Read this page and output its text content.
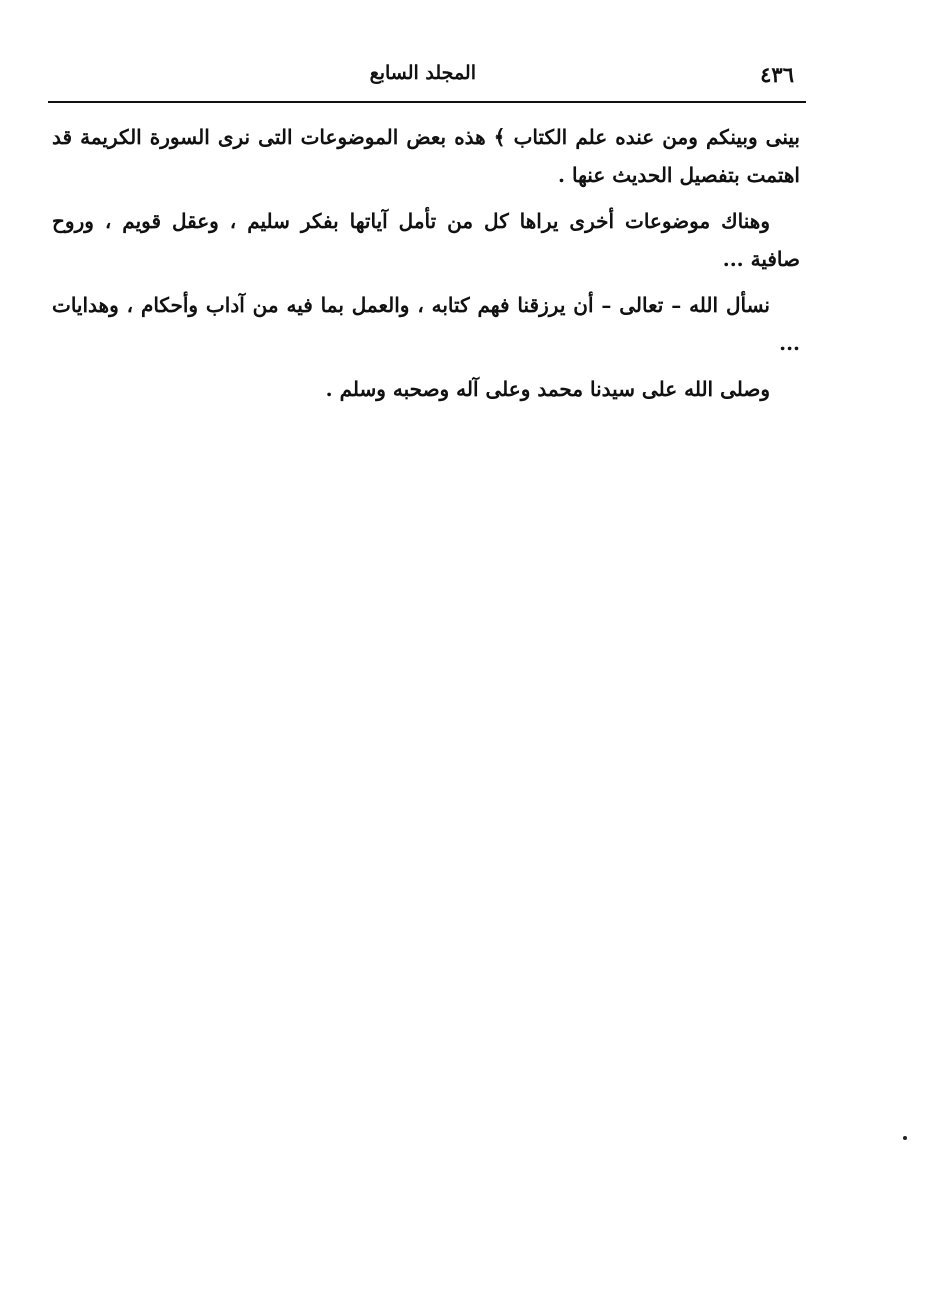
٤٣٦
المجلد السابع

بينى وبينكم ومن عنده علم الكتاب ﴾ هذه بعض الموضوعات التى نرى السورة الكريمة قد اهتمت بتفصيل الحديث عنها .

وهناك موضوعات أخرى يراها كل من تأمل آياتها بفكر سليم ، وعقل قويم ، وروح صافية ...

نسأل الله – تعالى – أن يرزقنا فهم كتابه ، والعمل بما فيه من آداب وأحكام ، وهدايات ...

وصلى الله على سيدنا محمد وعلى آله وصحبه وسلم .
